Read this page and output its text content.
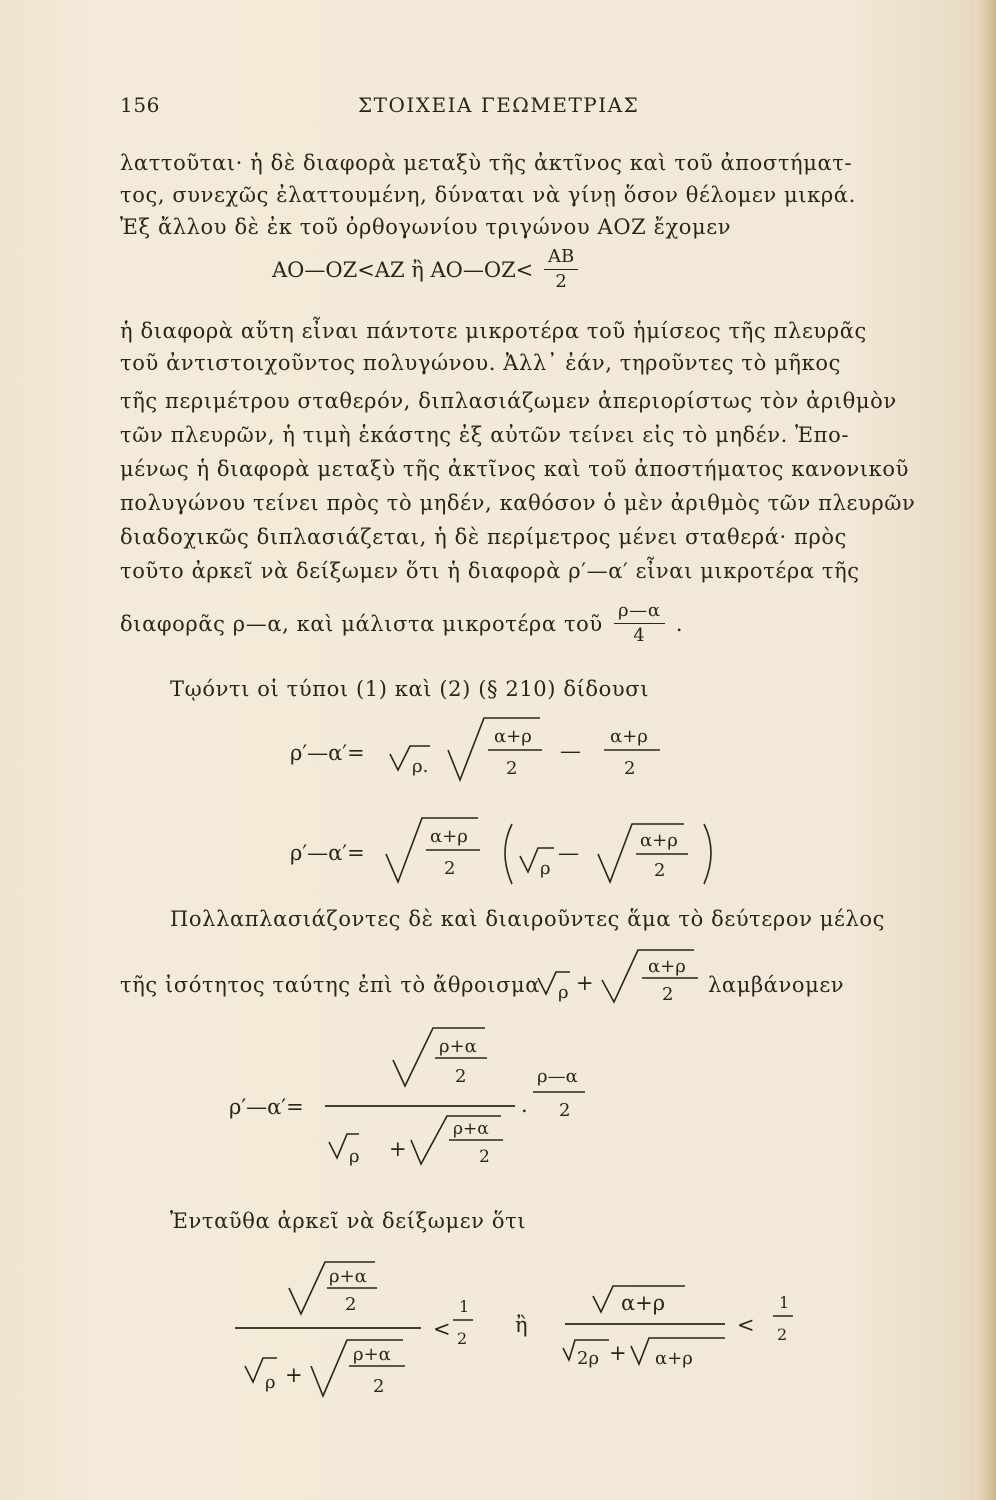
156	ΣΤΟΙΧΕΙΑ ΓΕΩΜΕΤΡΙΑΣ
λαττοῦται· ἡ δὲ διαφορὰ μεταξὺ τῆς ἀκτῖνος καὶ τοῦ ἀποστήματ-
τος, συνεχῶς ἐλαττουμένη, δύναται νὰ γίνῃ ὅσον θέλομεν μικρά.
Ἐξ ἄλλου δὲ ἐκ τοῦ ὀρθογωνίου τριγώνου ΑΟΖ ἔχομεν
ΑΟ—ΟΖ<ΑΖ ἢ ΑΟ—ΟΖ< $\frac{AB}{2}$
ἡ διαφορὰ αὕτη εἶναι πάντοτε μικροτέρα τοῦ ἡμίσεος τῆς πλευρᾶς
τοῦ ἀντιστοιχοῦντος πολυγώνου. Ἀλλ᾽ ἐάν, τηροῦντες τὸ μῆκος
τῆς περιμέτρου σταθερόν, διπλασιάζωμεν ἀπεριορίστως τὸν ἀριθμὸν
τῶν πλευρῶν, ἡ τιμὴ ἑκάστης ἐξ αὐτῶν τείνει εἰς τὸ μηδέν. Ἐπο-
μένως ἡ διαφορὰ μεταξὺ τῆς ἀκτῖνος καὶ τοῦ ἀποστήματος κανονικοῦ
πολυγώνου τείνει πρὸς τὸ μηδέν, καθόσον ὁ μὲν ἀριθμὸς τῶν πλευρῶν
διαδοχικῶς διπλασιάζεται, ἡ δὲ περίμετρος μένει σταθερά· πρὸς
τοῦτο ἀρκεῖ νὰ δείξωμεν ὅτι ἡ διαφορὰ ρ′—α′ εἶναι μικροτέρα τῆς
διαφορᾶς ρ—α, καὶ μάλιστα μικροτέρα τοῦ $\frac{\rho—\alpha}{4}$ .
Τῳόντι οἱ τύποι (1) καὶ (2) (§ 210) δίδουσι
ρ′—α′=
ρ.
α+ρ
2
—
α+ρ
2
ρ′—α′=
α+ρ
2	ρ
—
α+ρ
2
Πολλαπλασιάζοντες δὲ καὶ διαιροῦντες ἅμα τὸ δεύτερον μέλος
τῆς ἰσότητος ταύτης ἐπὶ τὸ ἄθροισμα ρ +
α+ρ
2 λαμβάνομεν
ρ′—α′=
ρ+α
2
ρ +
ρ+α
2
.
ρ—α
2
Ἐνταῦθα ἀρκεῖ νὰ δείξωμεν ὅτι
ρ+α
2
ρ +
ρ+α
2
<
1
2
ἢ
α+ρ
2ρ + α+ρ
<
1
2
